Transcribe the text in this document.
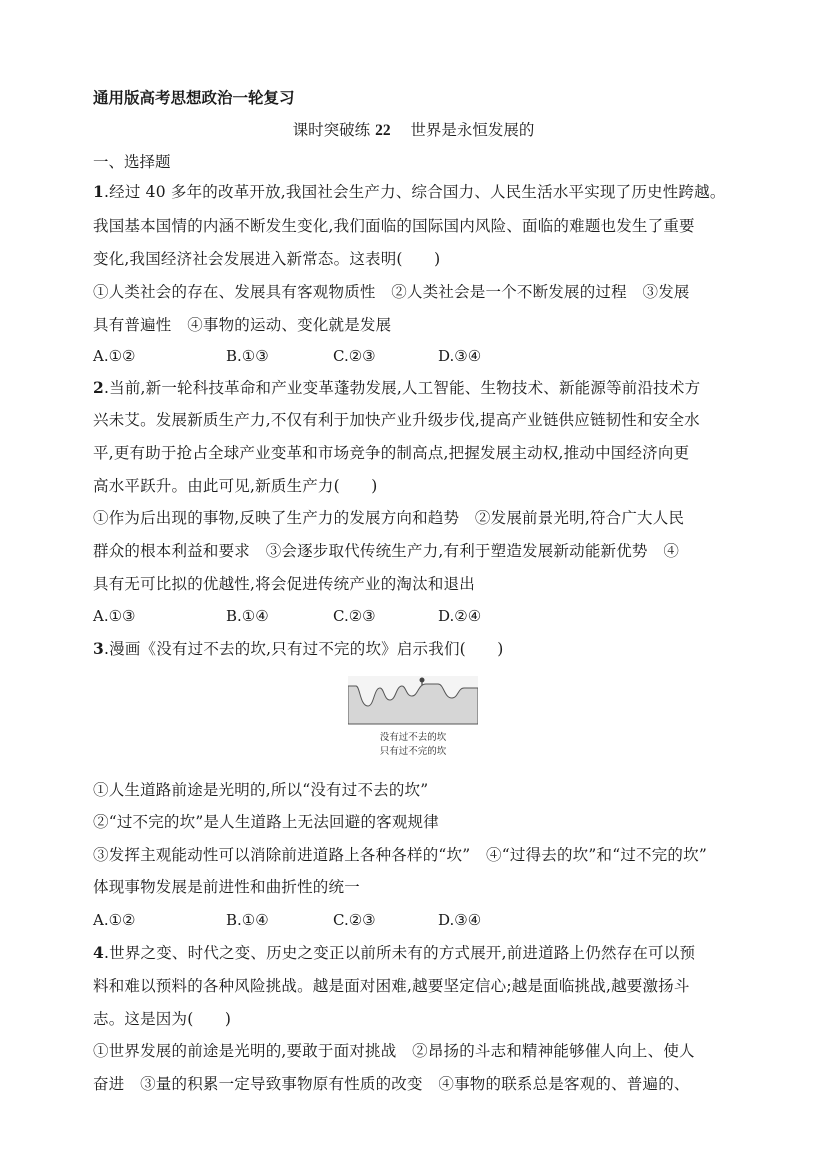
通用版高考思想政治一轮复习
课时突破练 22 世界是永恒发展的
一、选择题
1.经过 40 多年的改革开放,我国社会生产力、综合国力、人民生活水平实现了历史性跨越。
我国基本国情的内涵不断发生变化,我们面临的国际国内风险、面临的难题也发生了重要
变化,我国经济社会发展进入新常态。这表明(　　)
①人类社会的存在、发展具有客观物质性　②人类社会是一个不断发展的过程　③发展
具有普遍性　④事物的运动、变化就是发展
A.①②	B.①③	C.②③	D.③④
2.当前,新一轮科技革命和产业变革蓬勃发展,人工智能、生物技术、新能源等前沿技术方
兴未艾。发展新质生产力,不仅有利于加快产业升级步伐,提高产业链供应链韧性和安全水
平,更有助于抢占全球产业变革和市场竞争的制高点,把握发展主动权,推动中国经济向更
高水平跃升。由此可见,新质生产力(　　)
①作为后出现的事物,反映了生产力的发展方向和趋势　②发展前景光明,符合广大人民
群众的根本利益和要求　③会逐步取代传统生产力,有利于塑造发展新动能新优势　④
具有无可比拟的优越性,将会促进传统产业的淘汰和退出
A.①③	B.①④	C.②③	D.②④
3.漫画《没有过不去的坎,只有过不完的坎》启示我们(　　)
没有过不去的坎
只有过不完的坎
①人生道路前途是光明的,所以“没有过不去的坎”
②“过不完的坎”是人生道路上无法回避的客观规律
③发挥主观能动性可以消除前进道路上各种各样的“坎”　④“过得去的坎”和“过不完的坎”
体现事物发展是前进性和曲折性的统一
A.①②	B.①④	C.②③	D.③④
4.世界之变、时代之变、历史之变正以前所未有的方式展开,前进道路上仍然存在可以预
料和难以预料的各种风险挑战。越是面对困难,越要坚定信心;越是面临挑战,越要激扬斗
志。这是因为(　　)
①世界发展的前途是光明的,要敢于面对挑战　②昂扬的斗志和精神能够催人向上、使人
奋进　③量的积累一定导致事物原有性质的改变　④事物的联系总是客观的、普遍的、
